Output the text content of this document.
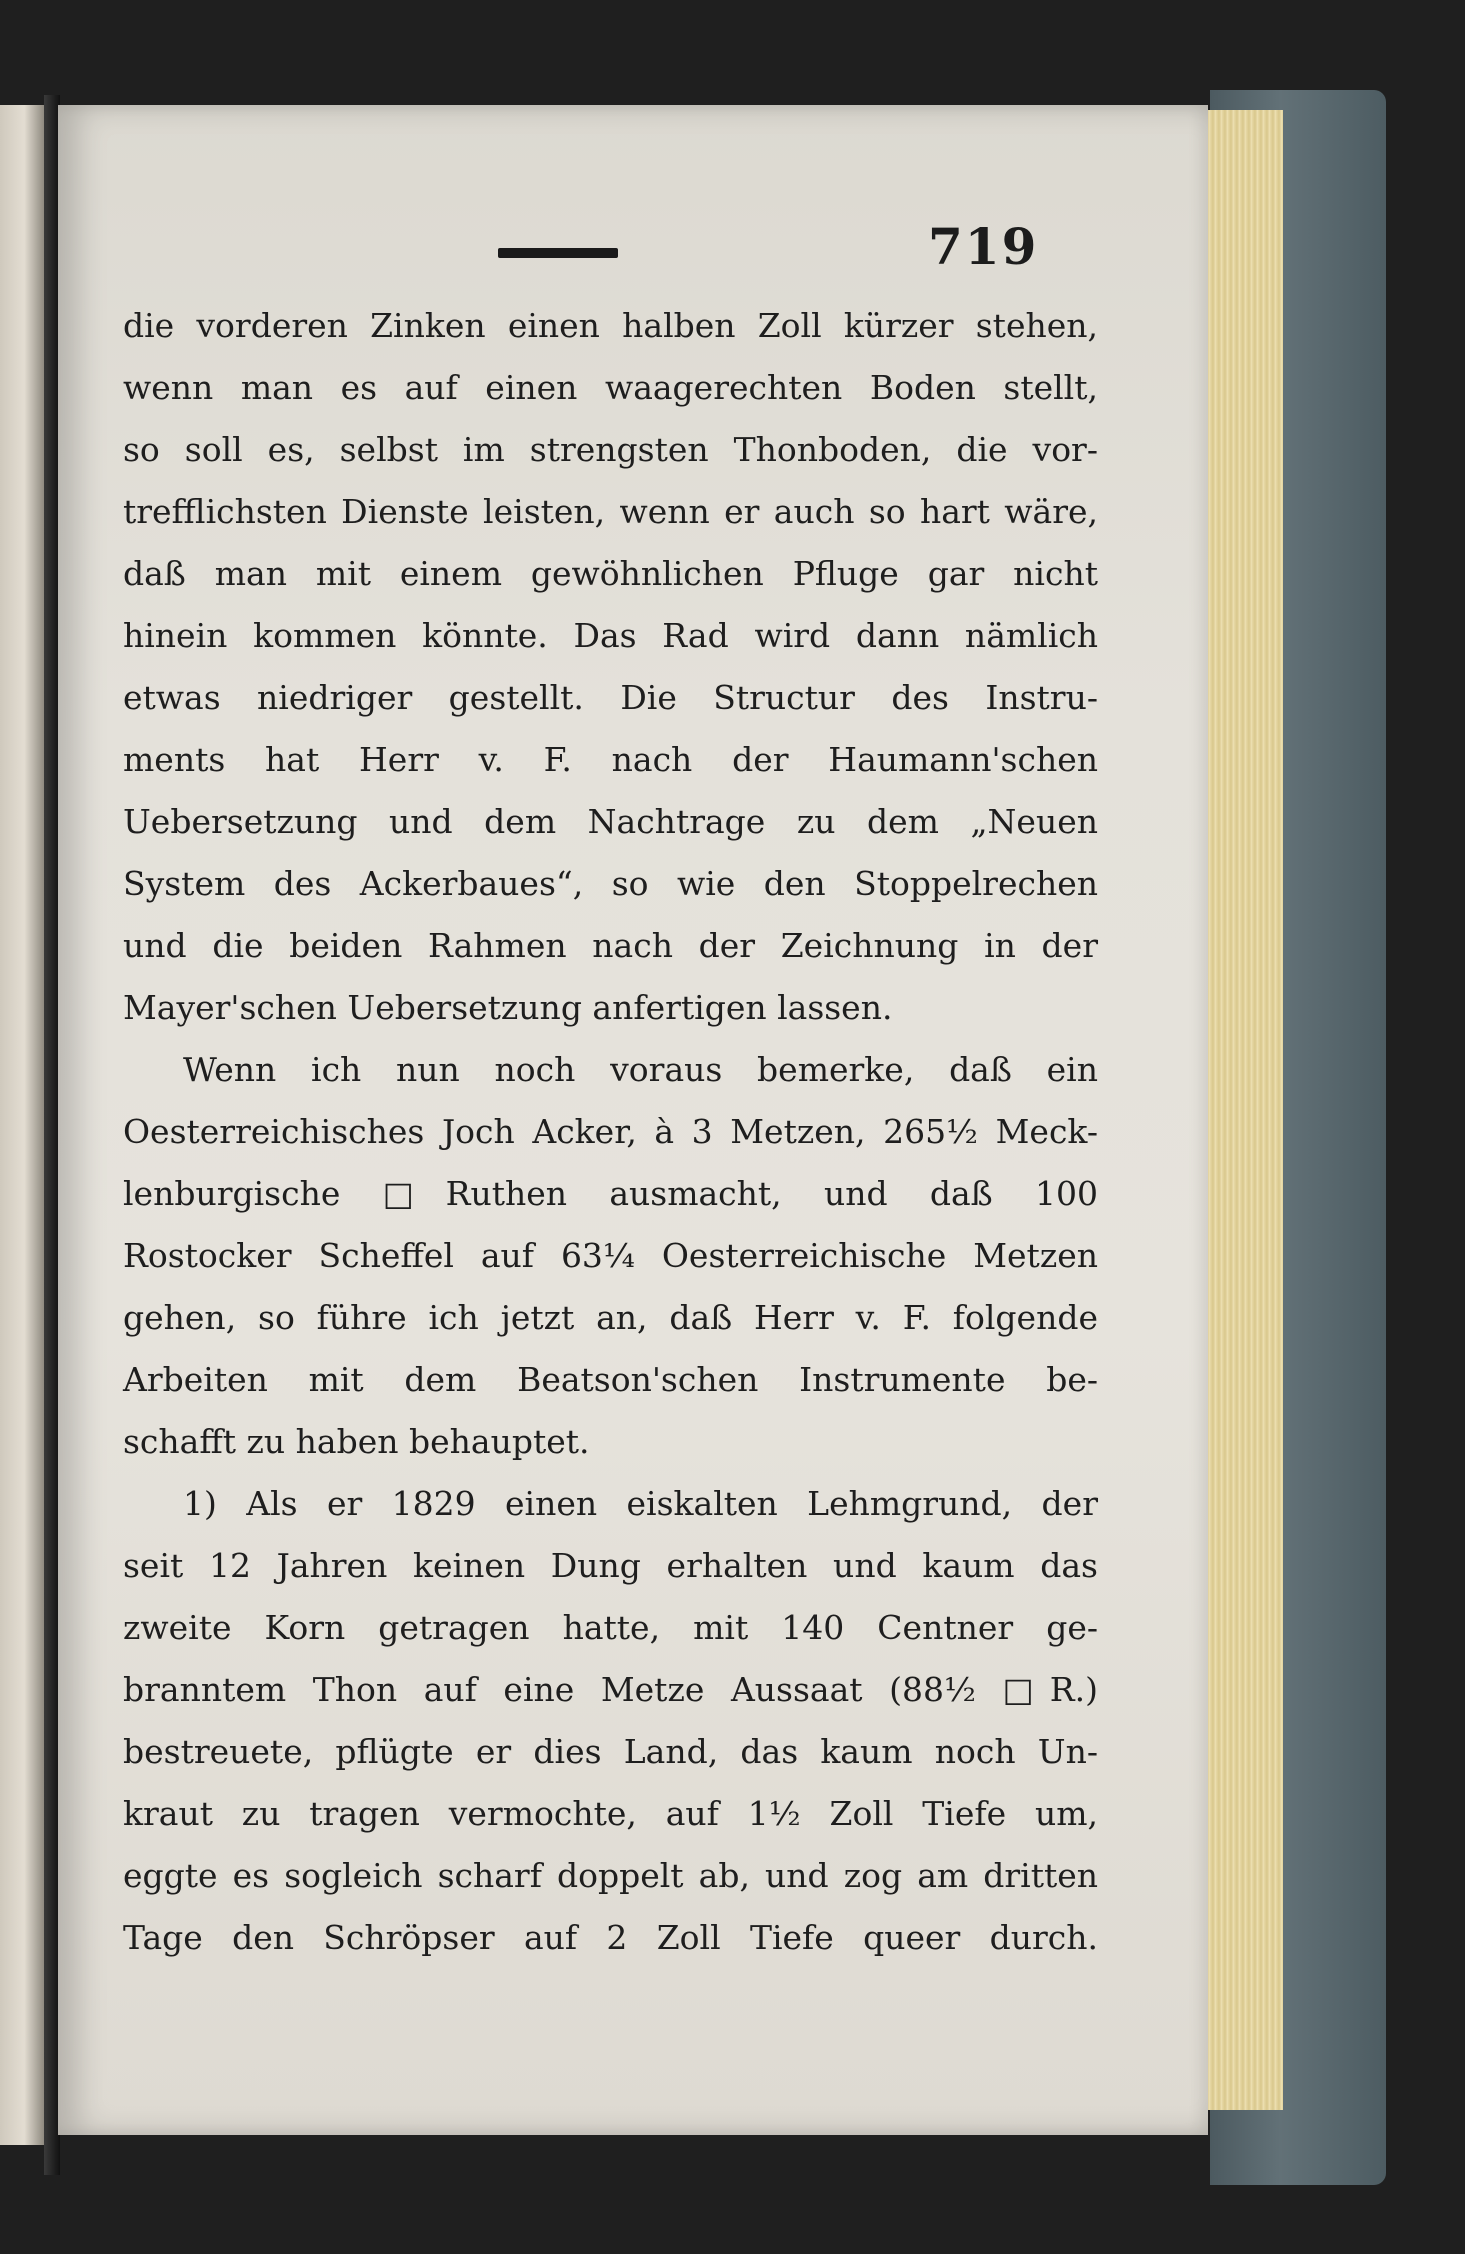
719
die vorderen Zinken einen halben Zoll kürzer stehen,
wenn man es auf einen waagerechten Boden stellt,
so soll es, selbst im strengsten Thonboden, die vor-
trefflichsten Dienste leisten, wenn er auch so hart wäre,
daß man mit einem gewöhnlichen Pfluge gar nicht
hinein kommen könnte. Das Rad wird dann nämlich
etwas niedriger gestellt. Die Structur des Instru-
ments hat Herr v. F. nach der Haumann'schen
Uebersetzung und dem Nachtrage zu dem „Neuen
System des Ackerbaues“, so wie den Stoppelrechen
und die beiden Rahmen nach der Zeichnung in der
Mayer'schen Uebersetzung anfertigen lassen.
Wenn ich nun noch voraus bemerke, daß ein
Oesterreichisches Joch Acker, à 3 Metzen, 265½ Meck-
lenburgische □Ruthen ausmacht, und daß 100
Rostocker Scheffel auf 63¼ Oesterreichische Metzen
gehen, so führe ich jetzt an, daß Herr v. F. folgende
Arbeiten mit dem Beatson'schen Instrumente be-
schafft zu haben behauptet.
1) Als er 1829 einen eiskalten Lehmgrund, der
seit 12 Jahren keinen Dung erhalten und kaum das
zweite Korn getragen hatte, mit 140 Centner ge-
branntem Thon auf eine Metze Aussaat (88½ □R.)
bestreuete, pflügte er dies Land, das kaum noch Un-
kraut zu tragen vermochte, auf 1½ Zoll Tiefe um,
eggte es sogleich scharf doppelt ab, und zog am dritten
Tage den Schröpser auf 2 Zoll Tiefe queer durch.
